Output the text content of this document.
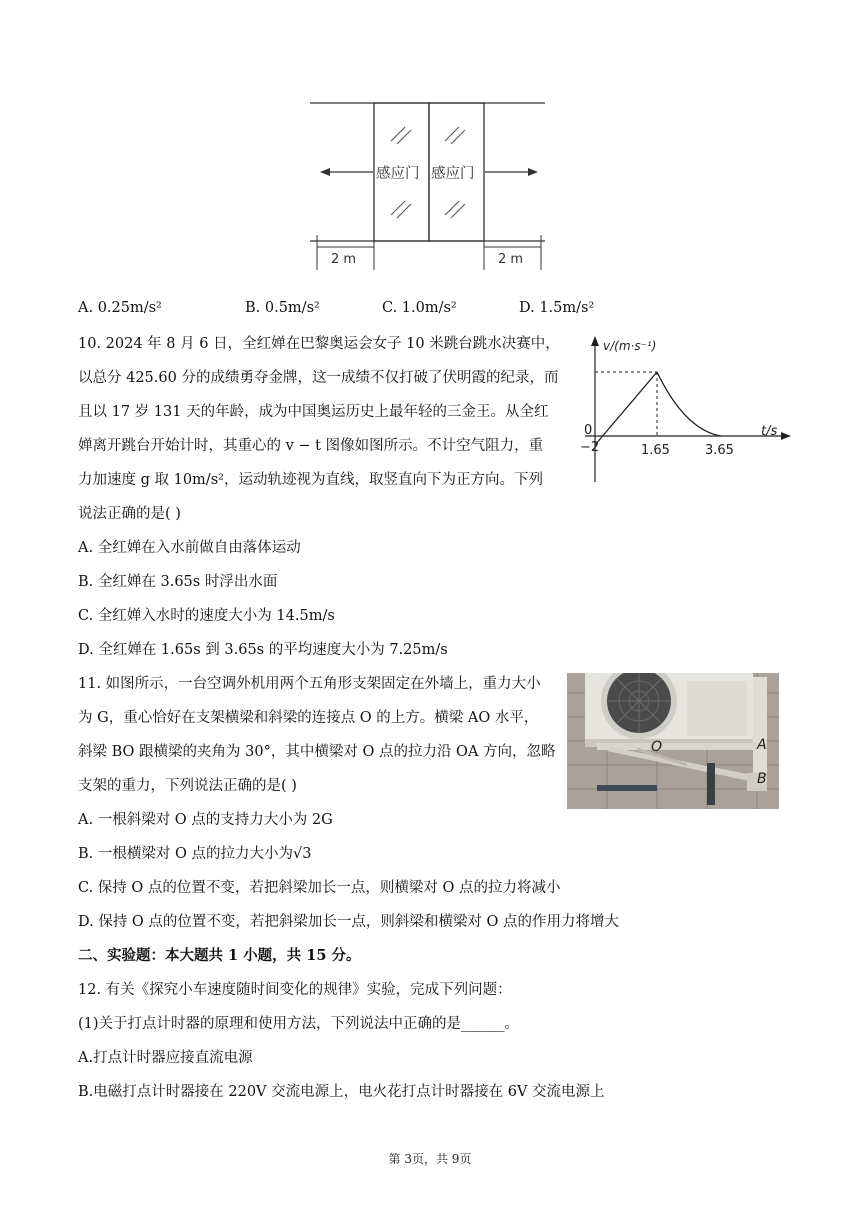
感应门 感应门
2 m	2 m
A. 0.25m/s²	B. 0.5m/s²	C. 1.0m/s²	D. 1.5m/s²
10. 2024 年 8 月 6 日，全红婵在巴黎奥运会女子 10 米跳台跳水决赛中，
以总分 425.60 分的成绩勇夺金牌，这一成绩不仅打破了伏明霞的纪录，而
且以 17 岁 131 天的年龄，成为中国奥运历史上最年轻的三金王。从全红
婵离开跳台开始计时，其重心的 v − t 图像如图所示。不计空气阻力，重
力加速度 g 取 10m/s²，运动轨迹视为直线，取竖直向下为正方向。下列
说法正确的是( )
v/(m·s⁻¹)
t/s
0
1.65	3.65
−2
A. 全红婵在入水前做自由落体运动
B. 全红婵在 3.65s 时浮出水面
C. 全红婵入水时的速度大小为 14.5m/s
D. 全红婵在 1.65s 到 3.65s 的平均速度大小为 7.25m/s
11. 如图所示，一台空调外机用两个五角形支架固定在外墙上，重力大小
为 G，重心恰好在支架横梁和斜梁的连接点 O 的上方。横梁 AO 水平，
斜梁 BO 跟横梁的夹角为 30°，其中横梁对 O 点的拉力沿 OA 方向，忽略
支架的重力，下列说法正确的是( )
O	A
B
A. 一根斜梁对 O 点的支持力大小为 2G
B. 一根横梁对 O 点的拉力大小为√3
C. 保持 O 点的位置不变，若把斜梁加长一点，则横梁对 O 点的拉力将减小
D. 保持 O 点的位置不变，若把斜梁加长一点，则斜梁和横梁对 O 点的作用力将增大
二、实验题：本大题共 1 小题，共 15 分。
12. 有关《探究小车速度随时间变化的规律》实验，完成下列问题：
(1)关于打点计时器的原理和使用方法，下列说法中正确的是______。
A.打点计时器应接直流电源
B.电磁打点计时器接在 220V 交流电源上，电火花打点计时器接在 6V 交流电源上
第 3页，共 9页
